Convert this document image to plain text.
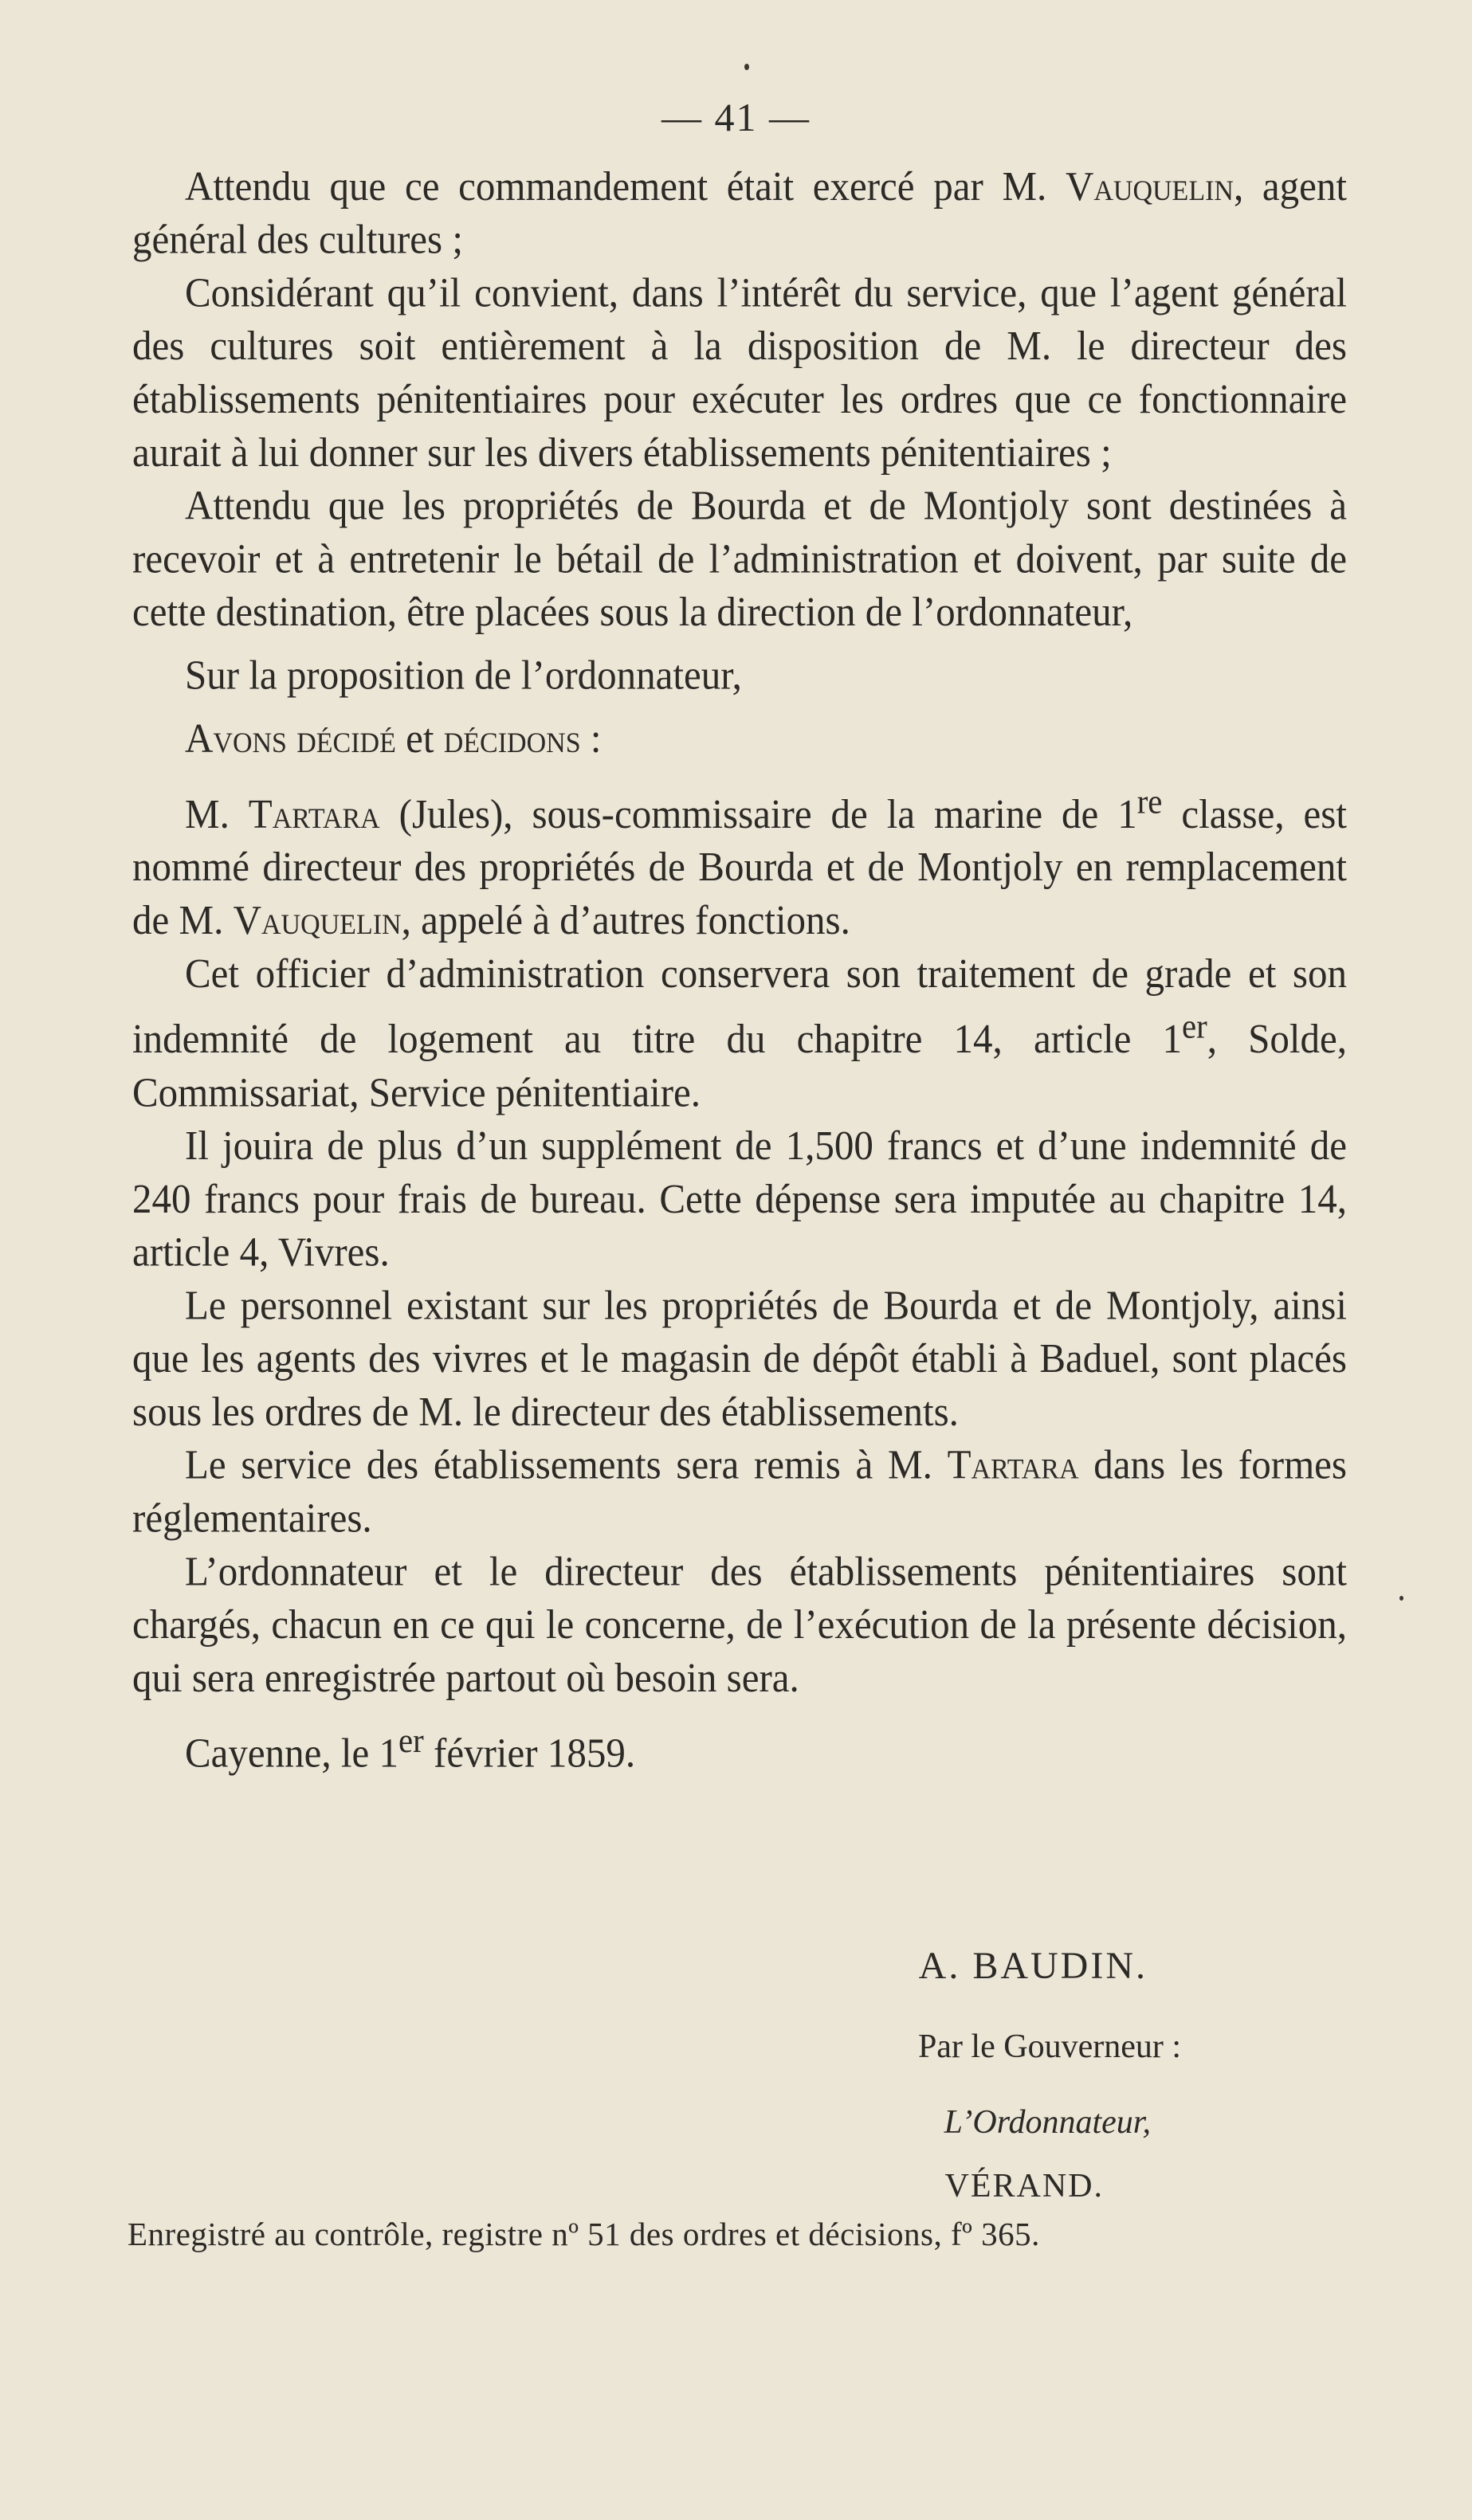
— 41 —

Attendu que ce commandement était exercé par M. Vauquelin, agent général des cultures ;

Considérant qu’il convient, dans l’intérêt du service, que l’agent général des cultures soit entièrement à la disposition de M. le directeur des établissements pénitentiaires pour exécuter les ordres que ce fonctionnaire aurait à lui donner sur les divers établissements pénitentiaires ;

Attendu que les propriétés de Bourda et de Montjoly sont destinées à recevoir et à entretenir le bétail de l’administration et doivent, par suite de cette destination, être placées sous la direction de l’ordonnateur,

Sur la proposition de l’ordonnateur,

Avons décidé et décidons :

M. Tartara (Jules), sous-commissaire de la marine de 1re classe, est nommé directeur des propriétés de Bourda et de Montjoly en remplacement de M. Vauquelin, appelé à d’autres fonctions.

Cet officier d’administration conservera son traitement de grade et son indemnité de logement au titre du chapitre 14, article 1er, Solde, Commissariat, Service pénitentiaire.

Il jouira de plus d’un supplément de 1,500 francs et d’une indemnité de 240 francs pour frais de bureau. Cette dépense sera imputée au chapitre 14, article 4, Vivres.

Le personnel existant sur les propriétés de Bourda et de Montjoly, ainsi que les agents des vivres et le magasin de dépôt établi à Baduel, sont placés sous les ordres de M. le directeur des établissements.

Le service des établissements sera remis à M. Tartara dans les formes réglementaires.

L’ordonnateur et le directeur des établissements pénitentiaires sont chargés, chacun en ce qui le concerne, de l’exécution de la présente décision, qui sera enregistrée partout où besoin sera.

Cayenne, le 1er février 1859.

A. BAUDIN.
Par le Gouverneur :
L’Ordonnateur,
VÉRAND.
Enregistré au contrôle, registre nº 51 des ordres et décisions, fº 365.
